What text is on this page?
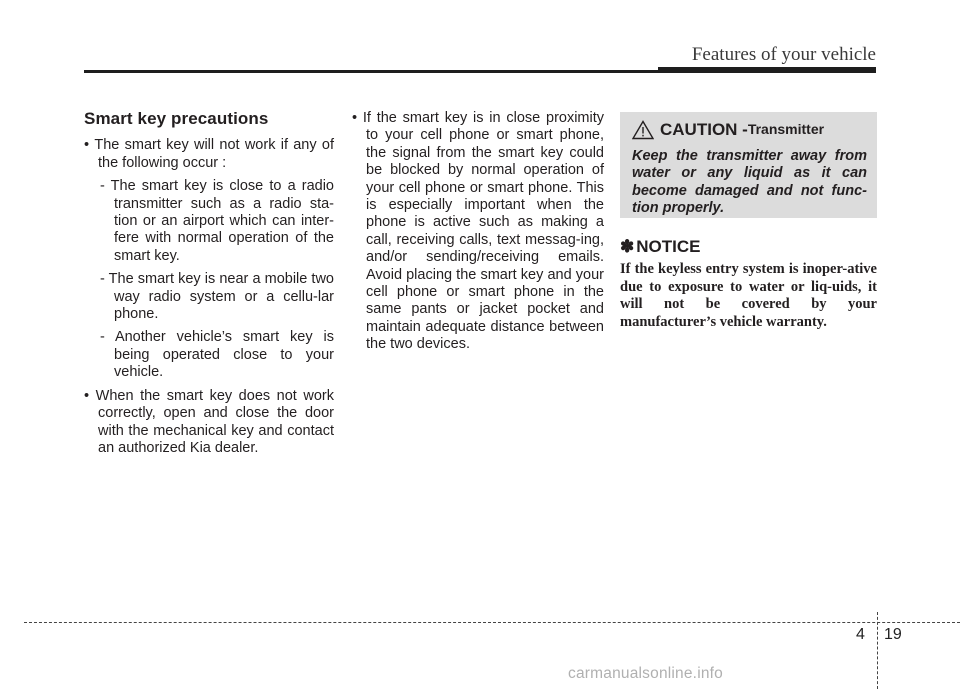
Features of your vehicle
Smart key precautions

• The smart key will not work if any of the following occur :

- The smart key is close to a radio transmitter such as a radio sta-tion or an airport which can inter-fere with normal operation of the smart key.

- The smart key is near a mobile two way radio system or a cellu-lar phone.

- Another vehicle’s smart key is being operated close to your vehicle.

• When the smart key does not work correctly, open and close the door with the mechanical key and contact an authorized Kia dealer.

• If the smart key is in close proximity to your cell phone or smart phone, the signal from the smart key could be blocked by normal operation of your cell phone or smart phone. This is especially important when the phone is active such as making a call, receiving calls, text messag-ing, and/or sending/receiving emails. Avoid placing the smart key and your cell phone or smart phone in the same pants or jacket pocket and maintain adequate distance between the two devices.

CAUTION - Transmitter

Keep the transmitter away from water or any liquid as it can become damaged and not func-tion properly.

✽ NOTICE

If the keyless entry system is inoper-ative due to exposure to water or liq-uids, it will not be covered by your manufacturer’s vehicle warranty.

4 19
carmanualsonline.info
